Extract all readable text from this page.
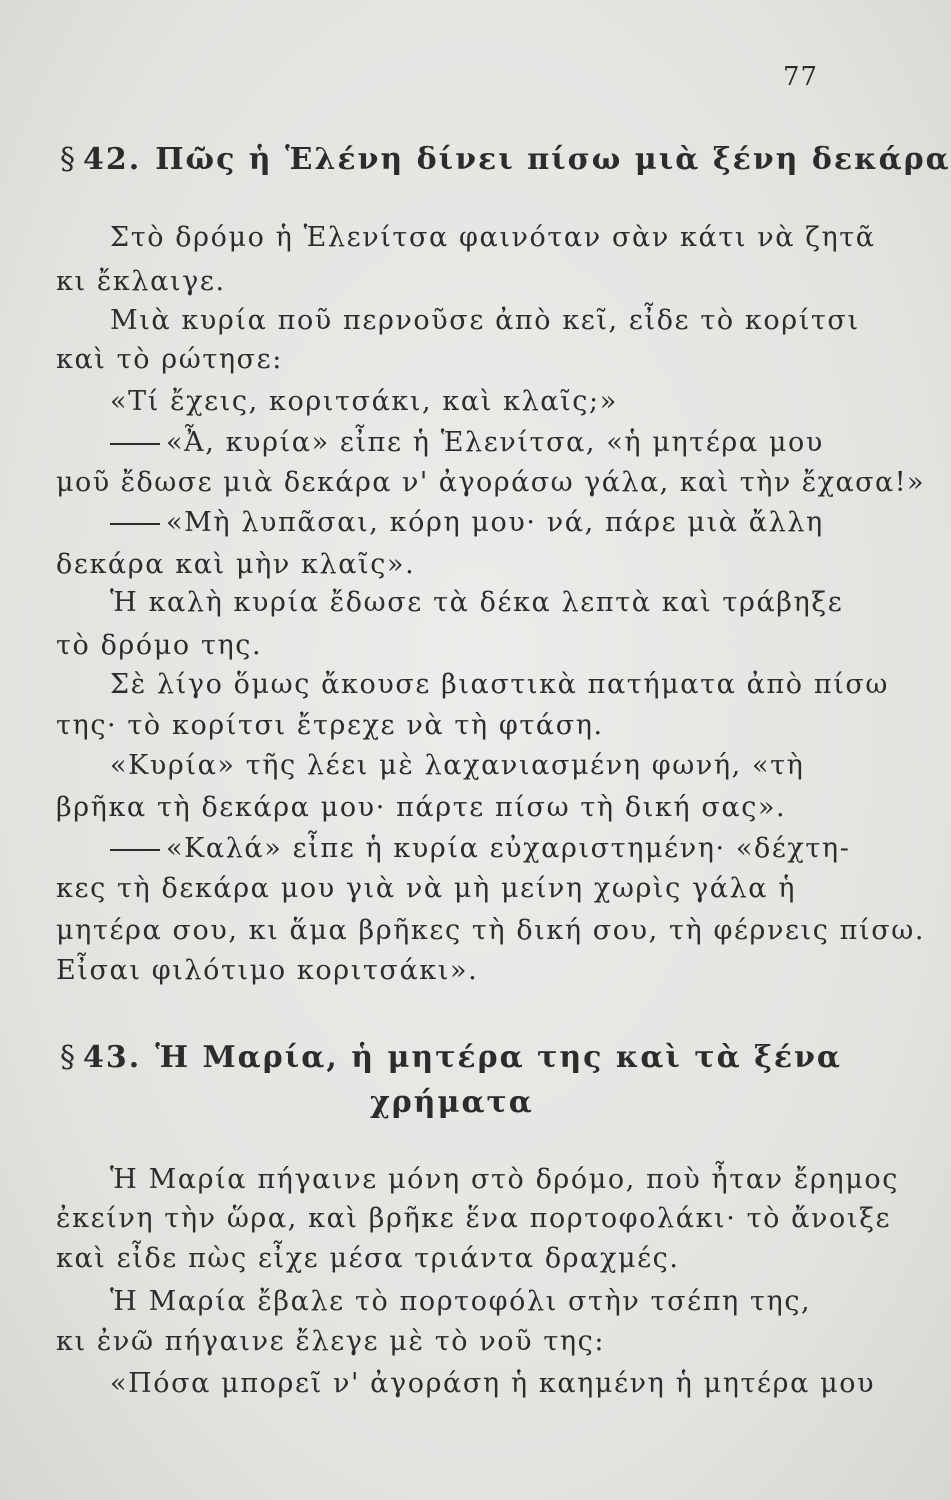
77
§ 42. Πῶς ἡ Ἑλένη δίνει πίσω μιὰ ξένη δεκάρα
Στὸ δρόμο ἡ Ἑλενίτσα φαινόταν σὰν κάτι νὰ ζητᾶ
κι ἔκλαιγε.
Μιὰ κυρία ποῦ περνοῦσε ἀπὸ κεῖ, εἶδε τὸ κορίτσι
καὶ τὸ ρώτησε:
«Τί ἔχεις, κοριτσάκι, καὶ κλαῖς;»
«Ἆ, κυρία» εἶπε ἡ Ἑλενίτσα, «ἡ μητέρα μου
μοῦ ἔδωσε μιὰ δεκάρα ν' ἀγοράσω γάλα, καὶ τὴν ἔχασα!»
«Μὴ λυπᾶσαι, κόρη μου· νά, πάρε μιὰ ἄλλη
δεκάρα καὶ μὴν κλαῖς».
Ἡ καλὴ κυρία ἔδωσε τὰ δέκα λεπτὰ καὶ τράβηξε
τὸ δρόμο της.
Σὲ λίγο ὅμως ἄκουσε βιαστικὰ πατήματα ἀπὸ πίσω
της· τὸ κορίτσι ἔτρεχε νὰ τὴ φτάση.
«Κυρία» τῆς λέει μὲ λαχανιασμένη φωνή, «τὴ
βρῆκα τὴ δεκάρα μου· πάρτε πίσω τὴ δική σας».
«Καλά» εἶπε ἡ κυρία εὐχαριστημένη· «δέχτη-
κες τὴ δεκάρα μου γιὰ νὰ μὴ μείνη χωρὶς γάλα ἡ
μητέρα σου, κι ἅμα βρῆκες τὴ δική σου, τὴ φέρνεις πίσω.
Εἶσαι φιλότιμο κοριτσάκι».
§ 43. Ἡ Μαρία, ἡ μητέρα της καὶ τὰ ξένα
χρήματα
Ἡ Μαρία πήγαινε μόνη στὸ δρόμο, ποὺ ἦταν ἔρημος
ἐκείνη τὴν ὥρα, καὶ βρῆκε ἕνα πορτοφολάκι· τὸ ἄνοιξε
καὶ εἶδε πὼς εἶχε μέσα τριάντα δραχμές.
Ἡ Μαρία ἔβαλε τὸ πορτοφόλι στὴν τσέπη της,
κι ἐνῶ πήγαινε ἔλεγε μὲ τὸ νοῦ της:
«Πόσα μπορεῖ ν' ἀγοράση ἡ καημένη ἡ μητέρα μου
